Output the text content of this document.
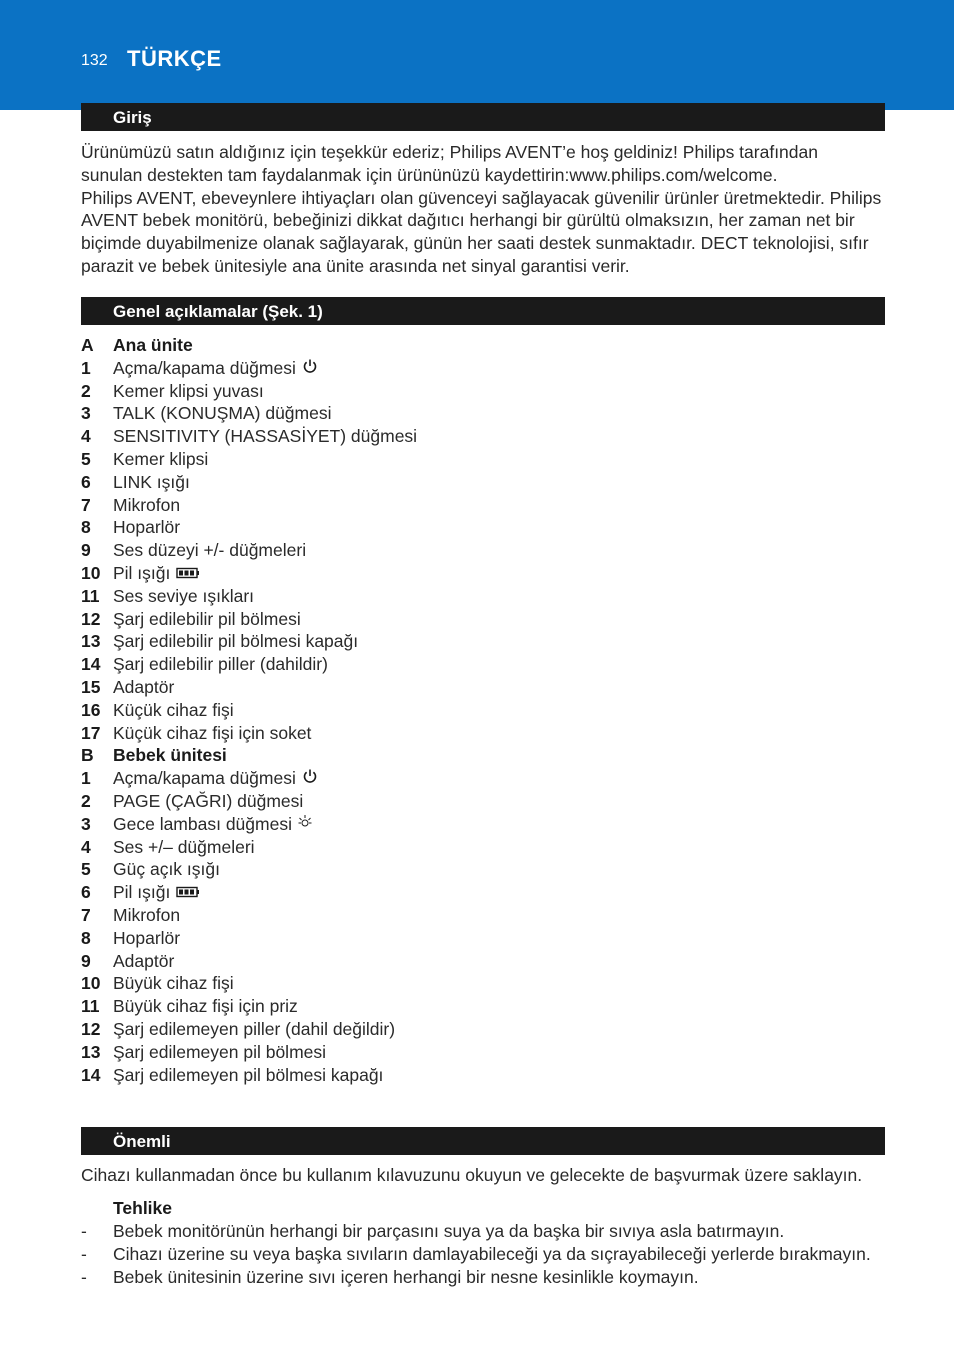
132 TÜRKÇE
Giriş
Ürünümüzü satın aldığınız için teşekkür ederiz; Philips AVENT’e hoş geldiniz! Philips tarafından
sunulan destekten tam faydalanmak için ürününüzü kaydettirin:www.philips.com/welcome.
Philips AVENT, ebeveynlere ihtiyaçları olan güvenceyi sağlayacak güvenilir ürünler üretmektedir. Philips
AVENT bebek monitörü, bebeğinizi dikkat dağıtıcı herhangi bir gürültü olmaksızın, her zaman net bir
biçimde duyabilmenize olanak sağlayarak, günün her saati destek sunmaktadır. DECT teknolojisi, sıfır
parazit ve bebek ünitesiyle ana ünite arasında net sinyal garantisi verir.
Genel açıklamalar (Şek. 1)
A	Ana ünite
1	Açma/kapama düğmesi
2	Kemer klipsi yuvası
3	TALK (KONUŞMA) düğmesi
4	SENSITIVITY (HASSASİYET) düğmesi
5	Kemer klipsi
6	LINK ışığı
7	Mikrofon
8	Hoparlör
9	Ses düzeyi +/- düğmeleri
10 Pil ışığı
11 Ses seviye ışıkları
12 Şarj edilebilir pil bölmesi
13 Şarj edilebilir pil bölmesi kapağı
14 Şarj edilebilir piller (dahildir)
15 Adaptör
16 Küçük cihaz fişi
17 Küçük cihaz fişi için soket
B	Bebek ünitesi
1	Açma/kapama düğmesi
2	PAGE (ÇAĞRI) düğmesi
3	Gece lambası düğmesi
4	Ses +/– düğmeleri
5	Güç açık ışığı
6	Pil ışığı
7	Mikrofon
8	Hoparlör
9	Adaptör
10 Büyük cihaz fişi
11 Büyük cihaz fişi için priz
12 Şarj edilemeyen piller (dahil değildir)
13 Şarj edilemeyen pil bölmesi
14 Şarj edilemeyen pil bölmesi kapağı
Önemli

Cihazı kullanmadan önce bu kullanım kılavuzunu okuyun ve gelecekte de başvurmak üzere saklayın.

Tehlike
-	Bebek monitörünün herhangi bir parçasını suya ya da başka bir sıvıya asla batırmayın.
-	Cihazı üzerine su veya başka sıvıların damlayabileceği ya da sıçrayabileceği yerlerde bırakmayın.
-	Bebek ünitesinin üzerine sıvı içeren herhangi bir nesne kesinlikle koymayın.
